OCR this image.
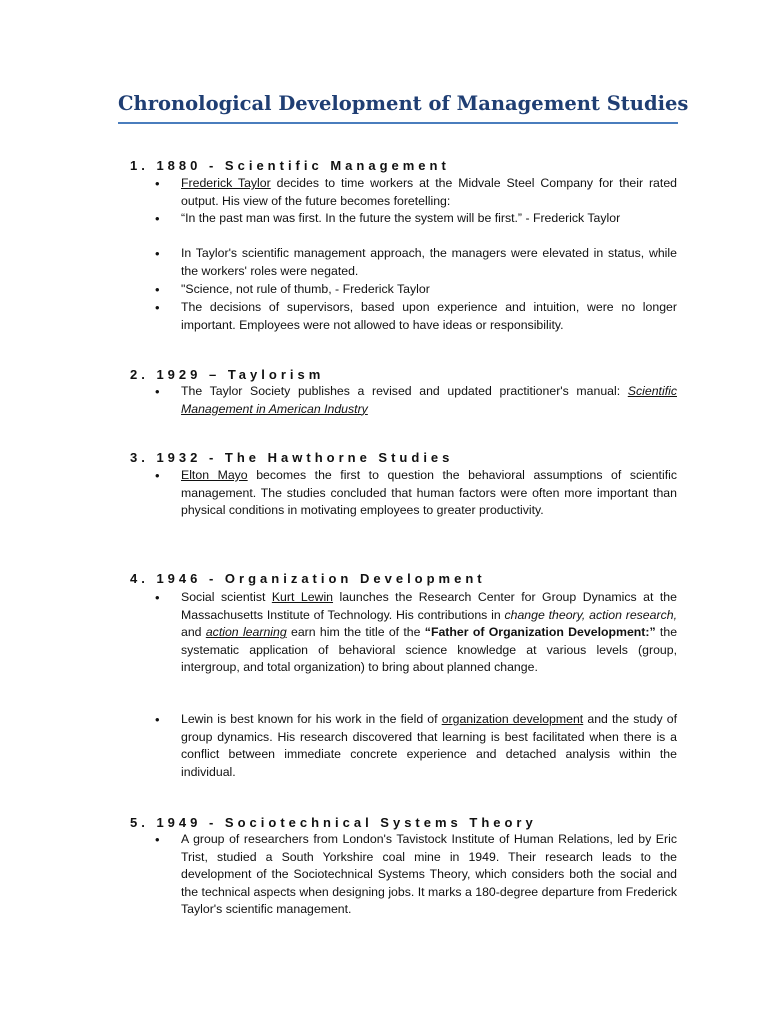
Chronological Development of Management Studies
1. 1880 - Scientific Management
• Frederick Taylor decides to time workers at the Midvale Steel Company for their rated output. His view of the future becomes foretelling:
• “In the past man was first. In the future the system will be first.” - Frederick Taylor
• In Taylor's scientific management approach, the managers were elevated in status, while the workers' roles were negated.
• "Science, not rule of thumb, - Frederick Taylor
• The decisions of supervisors, based upon experience and intuition, were no longer important. Employees were not allowed to have ideas or responsibility.
2. 1929 – Taylorism
• The Taylor Society publishes a revised and updated practitioner's manual: Scientific Management in American Industry
3. 1932 - The Hawthorne Studies
• Elton Mayo becomes the first to question the behavioral assumptions of scientific management. The studies concluded that human factors were often more important than physical conditions in motivating employees to greater productivity.
4. 1946 - Organization Development
• Social scientist Kurt Lewin launches the Research Center for Group Dynamics at the Massachusetts Institute of Technology. His contributions in change theory, action research, and action learning earn him the title of the “Father of Organization Development:” the systematic application of behavioral science knowledge at various levels (group, intergroup, and total organization) to bring about planned change.
• Lewin is best known for his work in the field of organization development and the study of group dynamics. His research discovered that learning is best facilitated when there is a conflict between immediate concrete experience and detached analysis within the individual.
5. 1949 - Sociotechnical Systems Theory
• A group of researchers from London's Tavistock Institute of Human Relations, led by Eric Trist, studied a South Yorkshire coal mine in 1949. Their research leads to the development of the Sociotechnical Systems Theory, which considers both the social and the technical aspects when designing jobs. It marks a 180-degree departure from Frederick Taylor's scientific management.
